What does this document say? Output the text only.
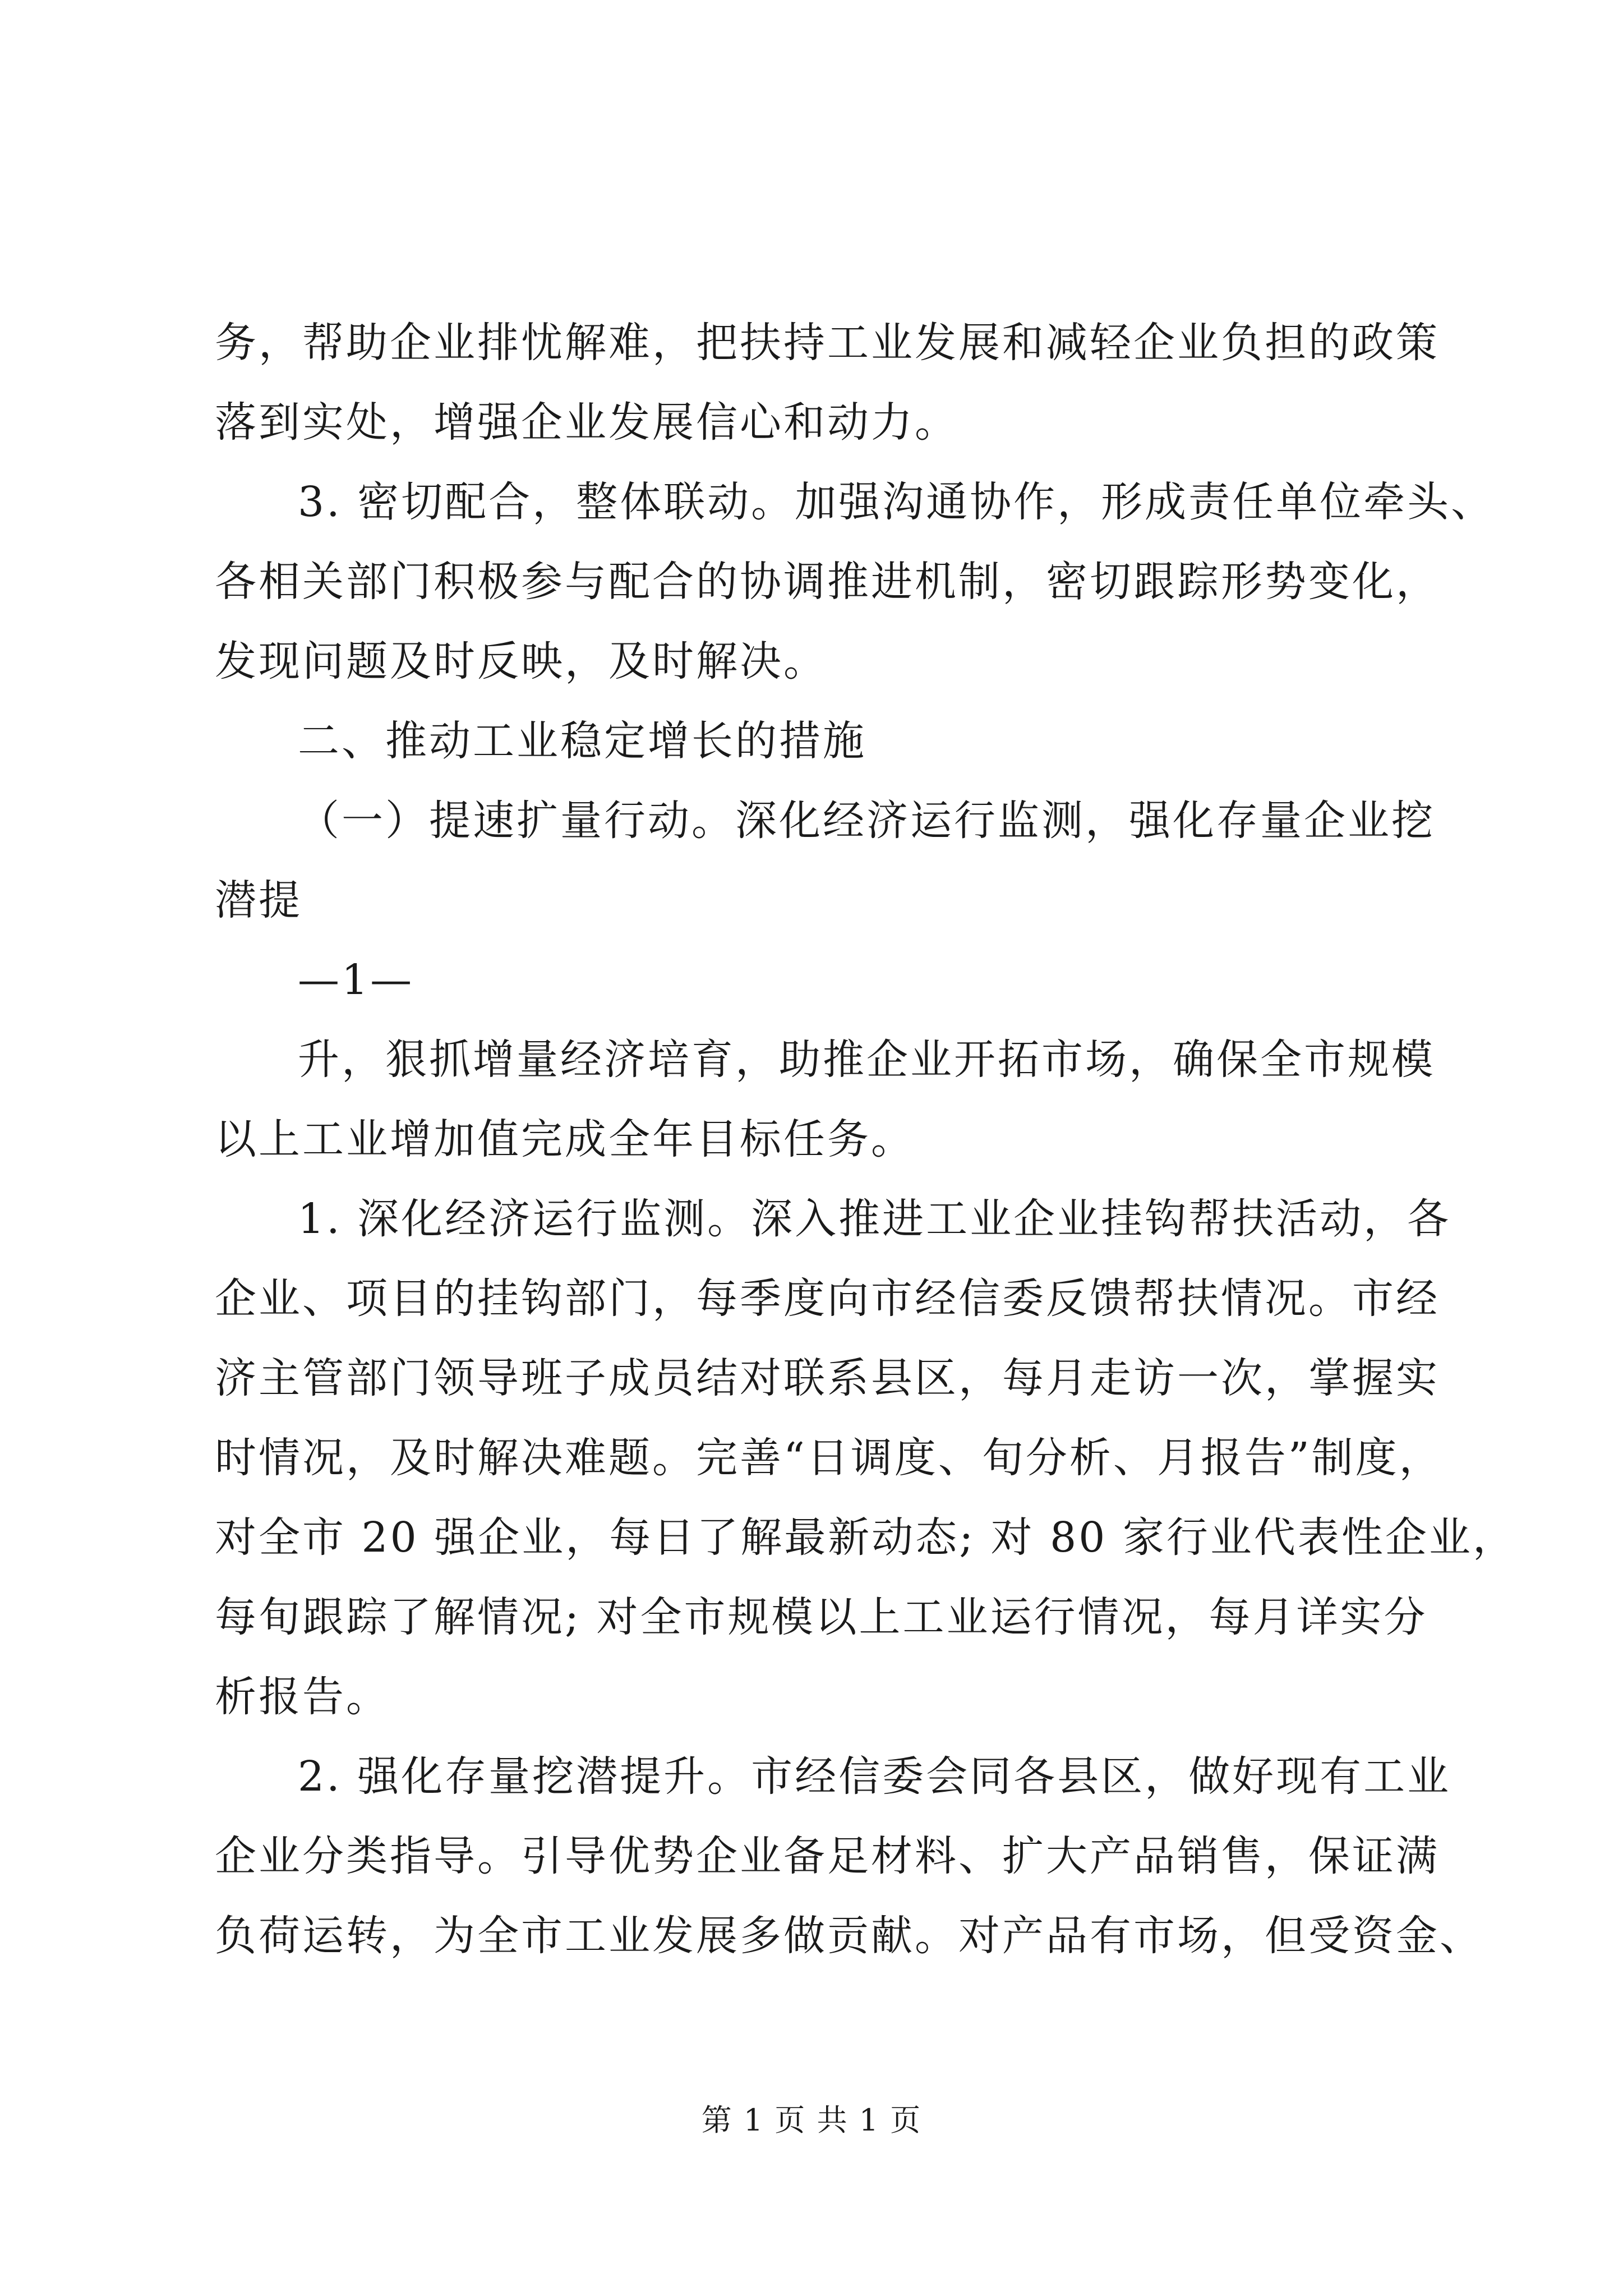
务，帮助企业排忧解难，把扶持工业发展和减轻企业负担的政策
落到实处，增强企业发展信心和动力。
3. 密切配合，整体联动。加强沟通协作，形成责任单位牵头、
各相关部门积极参与配合的协调推进机制，密切跟踪形势变化，
发现问题及时反映，及时解决。
二、推动工业稳定增长的措施
（一）提速扩量行动。深化经济运行监测，强化存量企业挖
潜提
—1—
升，狠抓增量经济培育，助推企业开拓市场，确保全市规模
以上工业增加值完成全年目标任务。
1. 深化经济运行监测。深入推进工业企业挂钩帮扶活动，各
企业、项目的挂钩部门，每季度向市经信委反馈帮扶情况。市经
济主管部门领导班子成员结对联系县区，每月走访一次，掌握实
时情况，及时解决难题。完善“日调度、旬分析、月报告”制度，
对全市 20 强企业，每日了解最新动态; 对 80 家行业代表性企业，
每旬跟踪了解情况; 对全市规模以上工业运行情况，每月详实分
析报告。
2. 强化存量挖潜提升。市经信委会同各县区，做好现有工业
企业分类指导。引导优势企业备足材料、扩大产品销售，保证满
负荷运转，为全市工业发展多做贡献。对产品有市场，但受资金、
第 1 页 共 1 页
